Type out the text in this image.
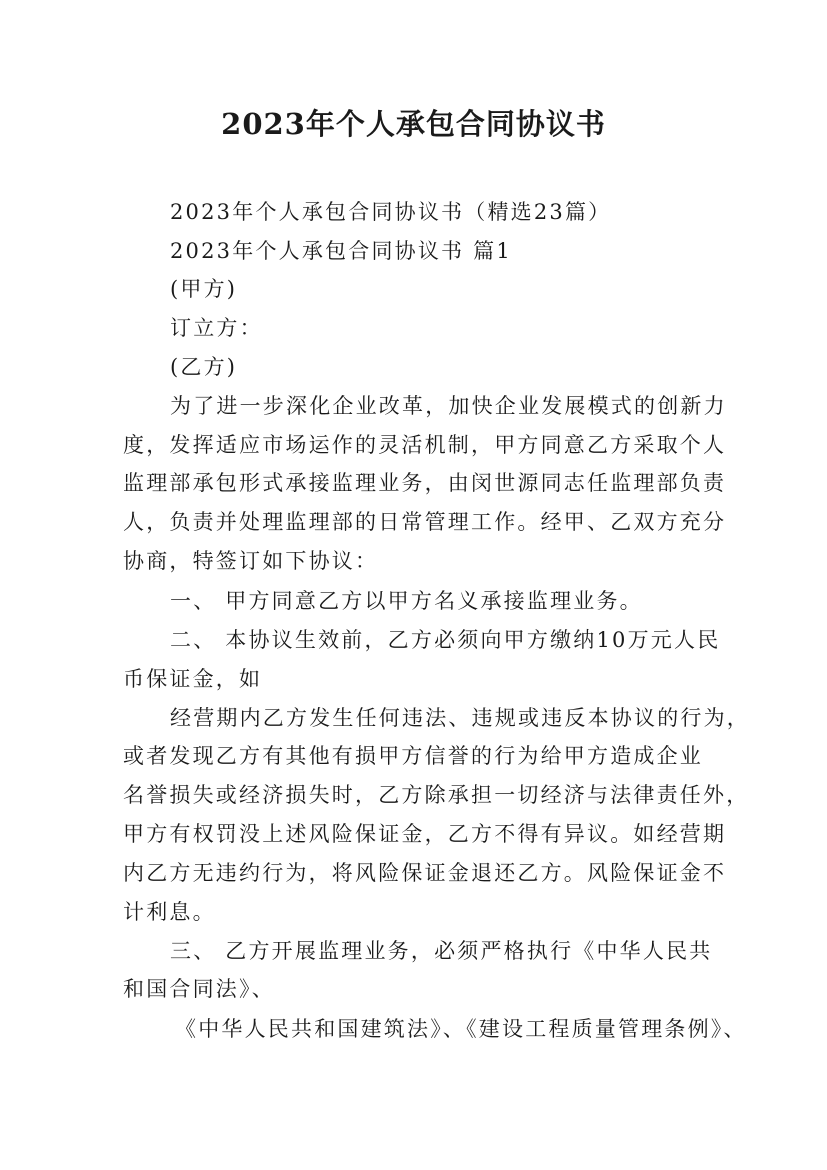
2023年个人承包合同协议书
2023年个人承包合同协议书（精选23篇）
2023年个人承包合同协议书 篇1
(甲方)
订立方：
(乙方)
为了进一步深化企业改革，加快企业发展模式的创新力
度，发挥适应市场运作的灵活机制，甲方同意乙方采取个人
监理部承包形式承接监理业务，由闵世源同志任监理部负责
人，负责并处理监理部的日常管理工作。经甲、乙双方充分
协商，特签订如下协议：
一、 甲方同意乙方以甲方名义承接监理业务。
二、 本协议生效前，乙方必须向甲方缴纳10万元人民
币保证金，如
经营期内乙方发生任何违法、违规或违反本协议的行为，
或者发现乙方有其他有损甲方信誉的行为给甲方造成企业
名誉损失或经济损失时，乙方除承担一切经济与法律责任外，
甲方有权罚没上述风险保证金，乙方不得有异议。如经营期
内乙方无违约行为，将风险保证金退还乙方。风险保证金不
计利息。
三、 乙方开展监理业务，必须严格执行《中华人民共
和国合同法》、
《中华人民共和国建筑法》、《建设工程质量管理条例》、
